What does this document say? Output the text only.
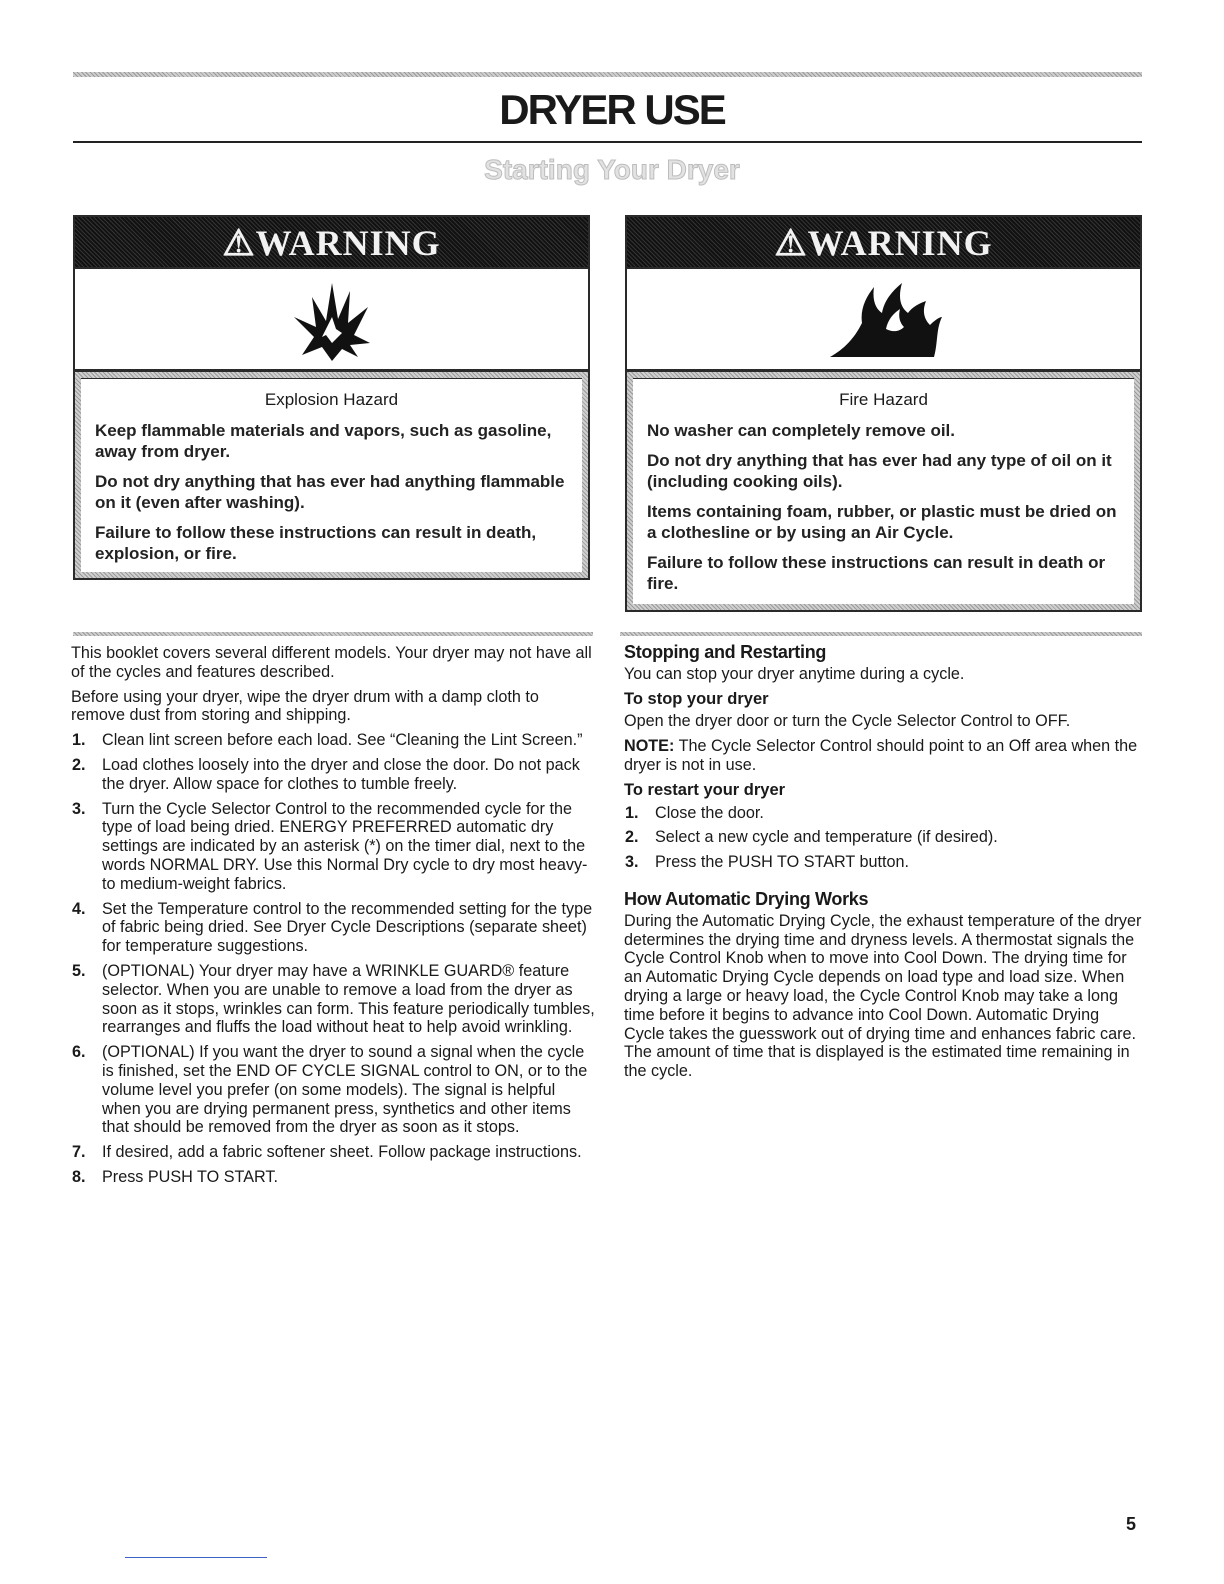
DRYER USE
Starting Your Dryer
⚠WARNING
Explosion Hazard

Keep flammable materials and vapors, such as gasoline, away from dryer.

Do not dry anything that has ever had anything flammable on it (even after washing).

Failure to follow these instructions can result in death, explosion, or fire.

⚠WARNING
Fire Hazard

No washer can completely remove oil.

Do not dry anything that has ever had any type of oil on it (including cooking oils).

Items containing foam, rubber, or plastic must be dried on a clothesline or by using an Air Cycle.

Failure to follow these instructions can result in death or fire.

This booklet covers several different models. Your dryer may not have all of the cycles and features described.

Before using your dryer, wipe the dryer drum with a damp cloth to remove dust from storing and shipping.

1. Clean lint screen before each load. See “Cleaning the Lint Screen.”
2. Load clothes loosely into the dryer and close the door. Do not pack the dryer. Allow space for clothes to tumble freely.
3. Turn the Cycle Selector Control to the recommended cycle for the type of load being dried. ENERGY PREFERRED automatic dry settings are indicated by an asterisk (*) on the timer dial, next to the words NORMAL DRY. Use this Normal Dry cycle to dry most heavy- to medium-weight fabrics.
4. Set the Temperature control to the recommended setting for the type of fabric being dried. See Dryer Cycle Descriptions (separate sheet) for temperature suggestions.
5. (OPTIONAL) Your dryer may have a WRINKLE GUARD® feature selector. When you are unable to remove a load from the dryer as soon as it stops, wrinkles can form. This feature periodically tumbles, rearranges and fluffs the load without heat to help avoid wrinkling.
6. (OPTIONAL) If you want the dryer to sound a signal when the cycle is finished, set the END OF CYCLE SIGNAL control to ON, or to the volume level you prefer (on some models). The signal is helpful when you are drying permanent press, synthetics and other items that should be removed from the dryer as soon as it stops.
7. If desired, add a fabric softener sheet. Follow package instructions.
8. Press PUSH TO START.
Stopping and Restarting

You can stop your dryer anytime during a cycle.

To stop your dryer

Open the dryer door or turn the Cycle Selector Control to OFF.

NOTE: The Cycle Selector Control should point to an Off area when the dryer is not in use.

To restart your dryer
1. Close the door.
2. Select a new cycle and temperature (if desired).
3. Press the PUSH TO START button.
How Automatic Drying Works

During the Automatic Drying Cycle, the exhaust temperature of the dryer determines the drying time and dryness levels. A thermostat signals the Cycle Control Knob when to move into Cool Down. The drying time for an Automatic Drying Cycle depends on load type and load size. When drying a large or heavy load, the Cycle Control Knob may take a long time before it begins to advance into Cool Down. Automatic Drying Cycle takes the guesswork out of drying time and enhances fabric care. The amount of time that is displayed is the estimated time remaining in the cycle.

5
